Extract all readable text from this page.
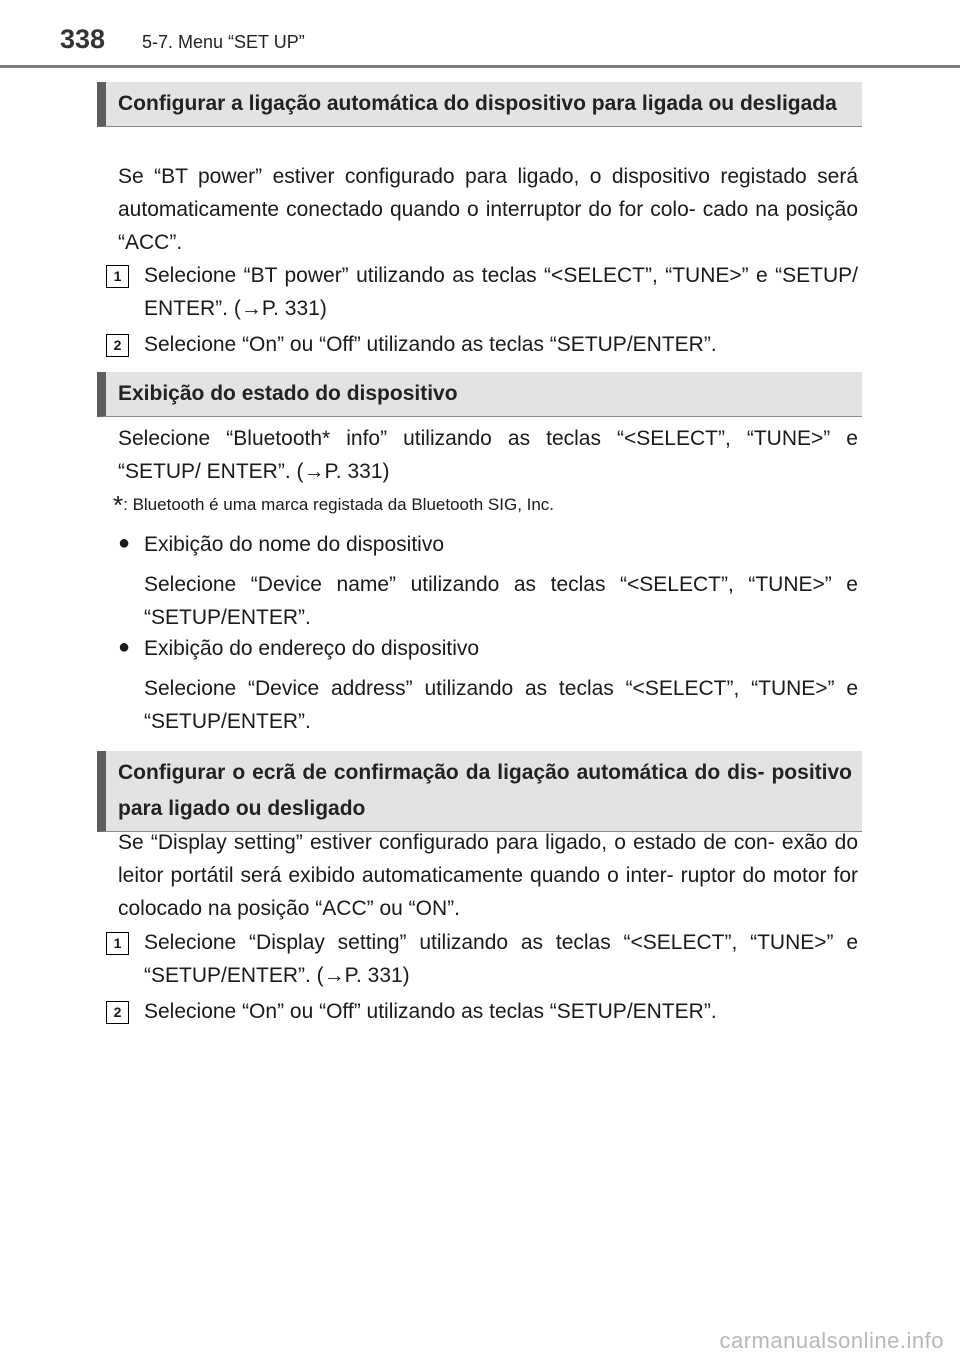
338 5-7. Menu “SET UP”
Configurar a ligação automática do dispositivo para ligada ou desligada
Se “BT power” estiver configurado para ligado, o dispositivo registado será automaticamente conectado quando o interruptor do for colo- cado na posição “ACC”.
1	Selecione “BT power” utilizando as teclas “<SELECT”, “TUNE>” e “SETUP/ ENTER”. (→P. 331)
2	Selecione “On” ou “Off” utilizando as teclas “SETUP/ENTER”.
Exibição do estado do dispositivo
Selecione “Bluetooth* info” utilizando as teclas “<SELECT”, “TUNE>” e “SETUP/ ENTER”. (→P. 331)
*: Bluetooth é uma marca registada da Bluetooth SIG, Inc.
● Exibição do nome do dispositivo
Selecione “Device name” utilizando as teclas “<SELECT”, “TUNE>” e “SETUP/ENTER”.
● Exibição do endereço do dispositivo
Selecione “Device address” utilizando as teclas “<SELECT”, “TUNE>” e “SETUP/ENTER”.
Configurar o ecrã de confirmação da ligação automática do dis- positivo para ligado ou desligado
Se “Display setting” estiver configurado para ligado, o estado de con- exão do leitor portátil será exibido automaticamente quando o inter- ruptor do motor for colocado na posição “ACC” ou “ON”.
1	Selecione “Display setting” utilizando as teclas “<SELECT”, “TUNE>” e “SETUP/ENTER”. (→P. 331)
2	Selecione “On” ou “Off” utilizando as teclas “SETUP/ENTER”.
carmanualsonline.info
